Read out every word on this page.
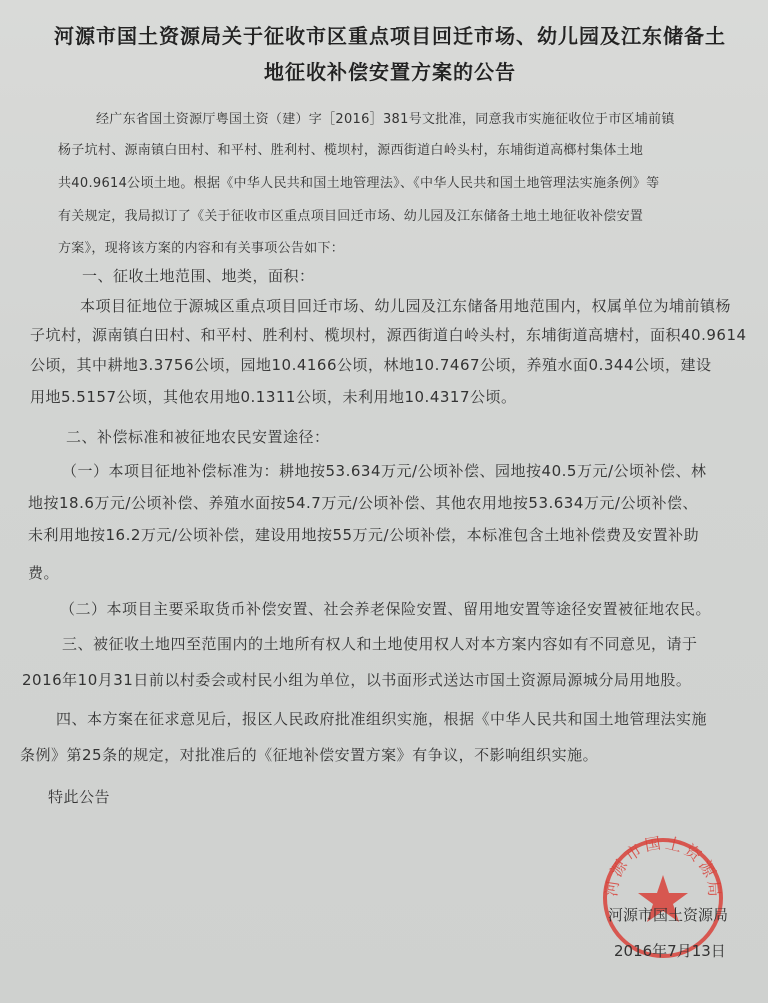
河源市国土资源局关于征收市区重点项目回迁市场、幼儿园及江东储备土
地征收补偿安置方案的公告
经广东省国土资源厅粤国土资（建）字［2016］381号文批准，同意我市实施征收位于市区埔前镇
杨子坑村、源南镇白田村、和平村、胜利村、榄坝村，源西街道白岭头村，东埔街道高榔村集体土地
共40.9614公顷土地。根据《中华人民共和国土地管理法》、《中华人民共和国土地管理法实施条例》等
有关规定，我局拟订了《关于征收市区重点项目回迁市场、幼儿园及江东储备土地土地征收补偿安置
方案》，现将该方案的内容和有关事项公告如下：
一、征收土地范围、地类，面积：
本项目征地位于源城区重点项目回迁市场、幼儿园及江东储备用地范围内，权属单位为埔前镇杨
子坑村，源南镇白田村、和平村、胜利村、榄坝村，源西街道白岭头村，东埔街道高塘村，面积40.9614
公顷，其中耕地3.3756公顷，园地10.4166公顷，林地10.7467公顷，养殖水面0.344公顷，建设
用地5.5157公顷，其他农用地0.1311公顷，未利用地10.4317公顷。
二、补偿标准和被征地农民安置途径：
（一）本项目征地补偿标准为：耕地按53.634万元/公顷补偿、园地按40.5万元/公顷补偿、林
地按18.6万元/公顷补偿、养殖水面按54.7万元/公顷补偿、其他农用地按53.634万元/公顷补偿、
未利用地按16.2万元/公顷补偿，建设用地按55万元/公顷补偿，本标准包含土地补偿费及安置补助
费。
（二）本项目主要采取货币补偿安置、社会养老保险安置、留用地安置等途径安置被征地农民。
三、被征收土地四至范围内的土地所有权人和土地使用权人对本方案内容如有不同意见，请于
2016年10月31日前以村委会或村民小组为单位，以书面形式送达市国土资源局源城分局用地股。
四、本方案在征求意见后，报区人民政府批准组织实施，根据《中华人民共和国土地管理法实施
条例》第25条的规定，对批准后的《征地补偿安置方案》有争议，不影响组织实施。
特此公告
河源市国土资源局
河源市国土资源局
2016年7月13日
